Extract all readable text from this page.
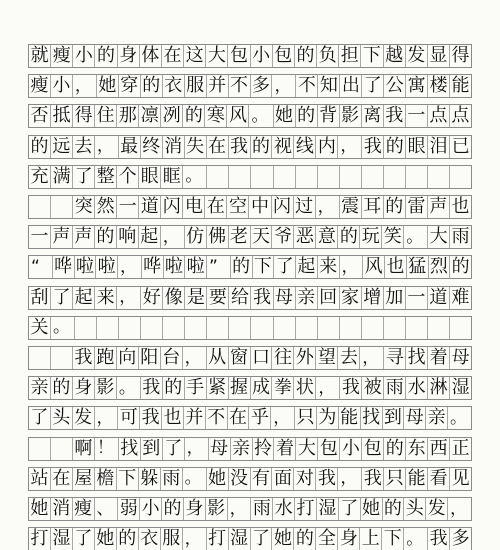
就 瘦 小 的 身 体 在 这 大 包 小 包 的 负 担 下 越 发 显 得
瘦 小 ， 她 穿 的 衣 服 并 不 多 ， 不 知 出 了 公 寓 楼 能
否 抵 得 住 那 凛 冽 的 寒 风 。 她 的 背 影 离 我 一 点 点
的 远 去 ， 最 终 消 失 在 我 的 视 线 内 ， 我 的 眼 泪 已
充 满 了 整 个 眼 眶 。
突 然 一 道 闪 电 在 空 中 闪 过 ， 震 耳 的 雷 声 也
一 声 声 的 响 起 ， 仿 佛 老 天 爷 恶 意 的 玩 笑 。 大 雨
“ 哗 啦 啦 ， 哗 啦 啦 ” 的 下 了 起 来 ， 风 也 猛 烈 的
刮 了 起 来 ， 好 像 是 要 给 我 母 亲 回 家 增 加 一 道 难
关 。
我 跑 向 阳 台 ， 从 窗 口 往 外 望 去 ， 寻 找 着 母
亲 的 身 影 。 我 的 手 紧 握 成 拳 状 ， 我 被 雨 水 淋 湿
了 头 发 ， 可 我 也 并 不 在 乎 ， 只 为 能 找 到 母 亲 。
啊 ！ 找 到 了 ， 母 亲 拎 着 大 包 小 包 的 东 西 正
站 在 屋 檐 下 躲 雨 。 她 没 有 面 对 我 ， 我 只 能 看 见
她 消 瘦 、 弱 小 的 身 影 ， 雨 水 打 湿 了 她 的 头 发 ，
打 湿 了 她 的 衣 服 ， 打 湿 了 她 的 全 身 上 下 。 我 多
